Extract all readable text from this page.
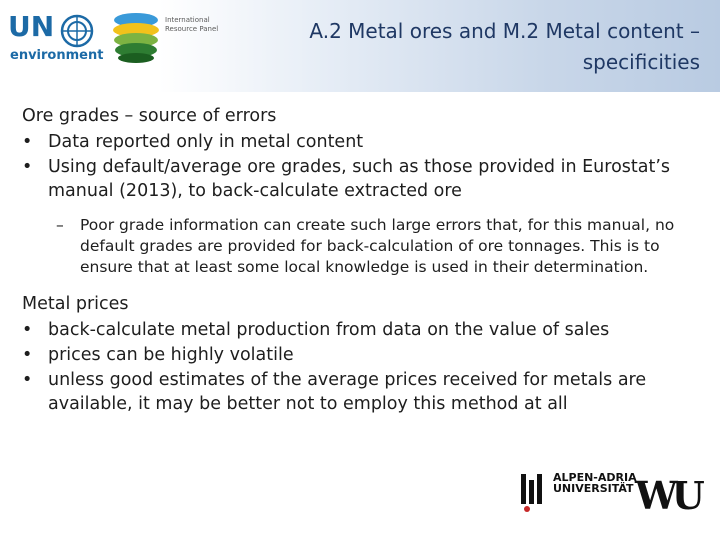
UN
environment
International Resource Panel	A.2 Metal ores and M.2 Metal content – specificities
Ore grades – source of errors
• Data reported only in metal content
• Using default/average ore grades, such as those provided in Eurostat’s manual (2013), to back-calculate extracted ore
– Poor grade information can create such large errors that, for this manual, no default grades are provided for back-calculation of ore tonnages. This is to ensure that at least some local knowledge is used in their determination.
Metal prices
• back-calculate metal production from data on the value of sales
• prices can be highly volatile
• unless good estimates of the average prices received for metals are available, it may be better not to employ this method at all
ALPEN-ADRIA UNIVERSITÄT WU
